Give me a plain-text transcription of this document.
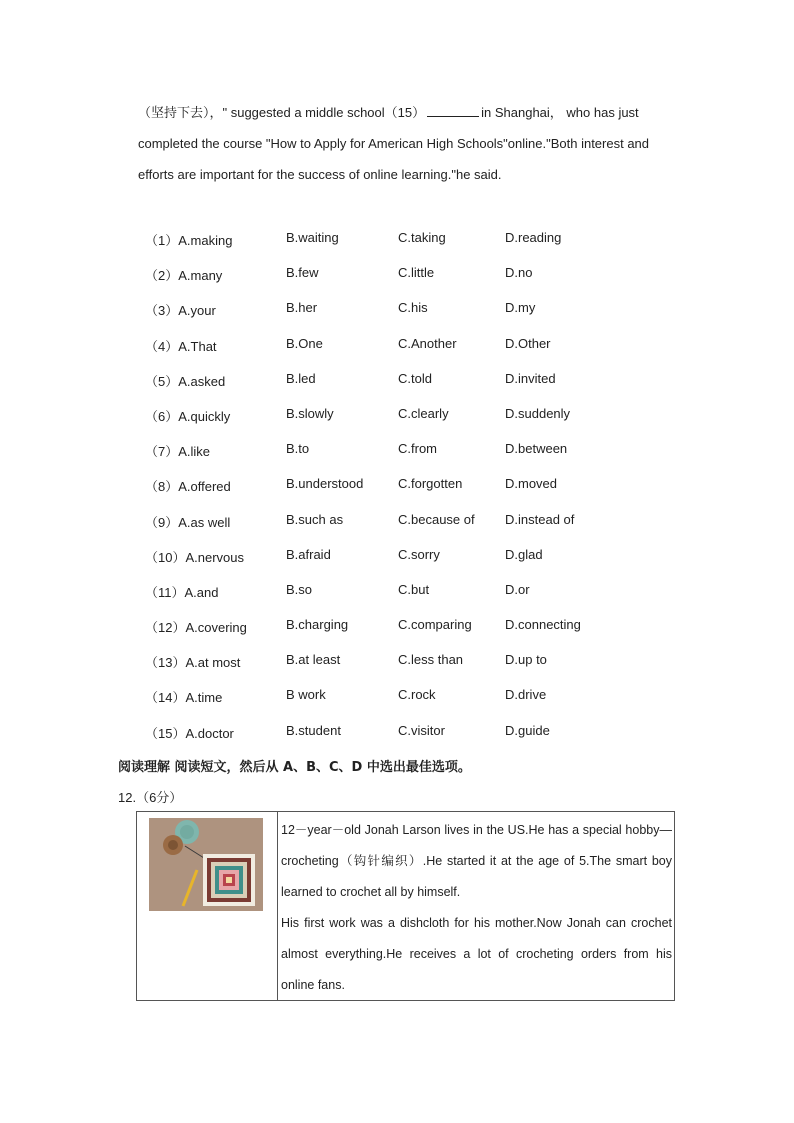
（坚持下去），" suggested a middle school（15）	in Shanghai， who has just
completed the course "How to Apply for American High Schools"online."Both interest and
efforts are important for the success of online learning."he said.
（1）A.making	B.waiting	C.taking	D.reading
（2）A.many	B.few	C.little	D.no
（3）A.your	B.her	C.his	D.my
（4）A.That	B.One	C.Another	D.Other
（5）A.asked	B.led	C.told	D.invited
（6）A.quickly	B.slowly	C.clearly	D.suddenly
（7）A.like	B.to	C.from	D.between
（8）A.offered	B.understood	C.forgotten	D.moved
（9）A.as well	B.such as	C.because of D.instead of
（10）A.nervous	B.afraid	C.sorry	D.glad
（11）A.and	B.so	C.but	D.or
（12）A.covering	B.charging	C.comparing	D.connecting
（13）A.at most	B.at least	C.less than	D.up to
（14）A.time	B work	C.rock	D.drive
（15）A.doctor	B.student	C.visitor	D.guide
阅读理解 阅读短文，然后从 A、B、C、D 中选出最佳选项。
12.（6分）
12－year－old Jonah Larson lives in the US.He has a special hobby—crocheting（钩针编织）.He started it at the age of 5.The smart boy learned to crochet all by himself.
His first work was a dishcloth for his mother.Now Jonah can crochet almost everything.He receives a lot of crocheting orders from his online fans.
